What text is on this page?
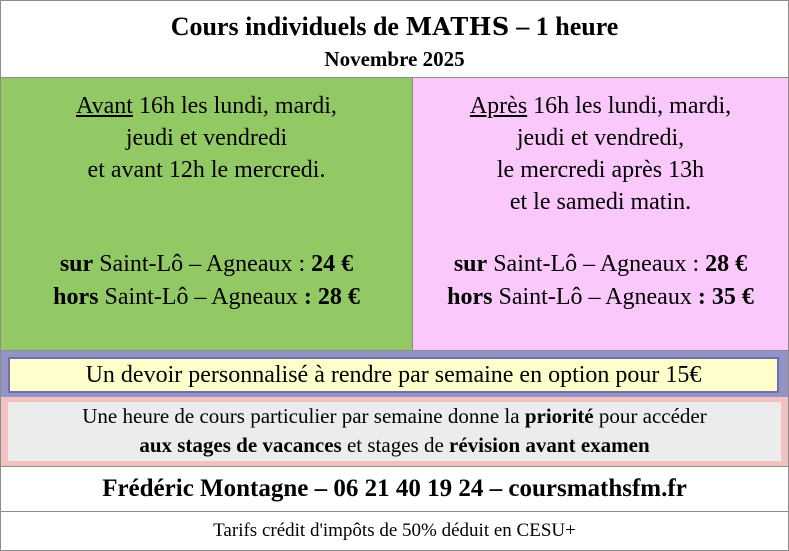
Cours individuels de MATHS – 1 heure
Novembre 2025
Avant 16h les lundi, mardi,
jeudi et vendredi
et avant 12h le mercredi.
sur Saint-Lô – Agneaux : 24 €
hors Saint-Lô – Agneaux : 28 €
Après 16h les lundi, mardi,
jeudi et vendredi,
le mercredi après 13h
et le samedi matin.
sur Saint-Lô – Agneaux : 28 €
hors Saint-Lô – Agneaux : 35 €
Un devoir personnalisé à rendre par semaine en option pour 15€
Une heure de cours particulier par semaine donne la priorité pour accéder
aux stages de vacances et stages de révision avant examen
Frédéric Montagne – 06 21 40 19 24 – coursmathsfm.fr
Tarifs crédit d'impôts de 50% déduit en CESU+
